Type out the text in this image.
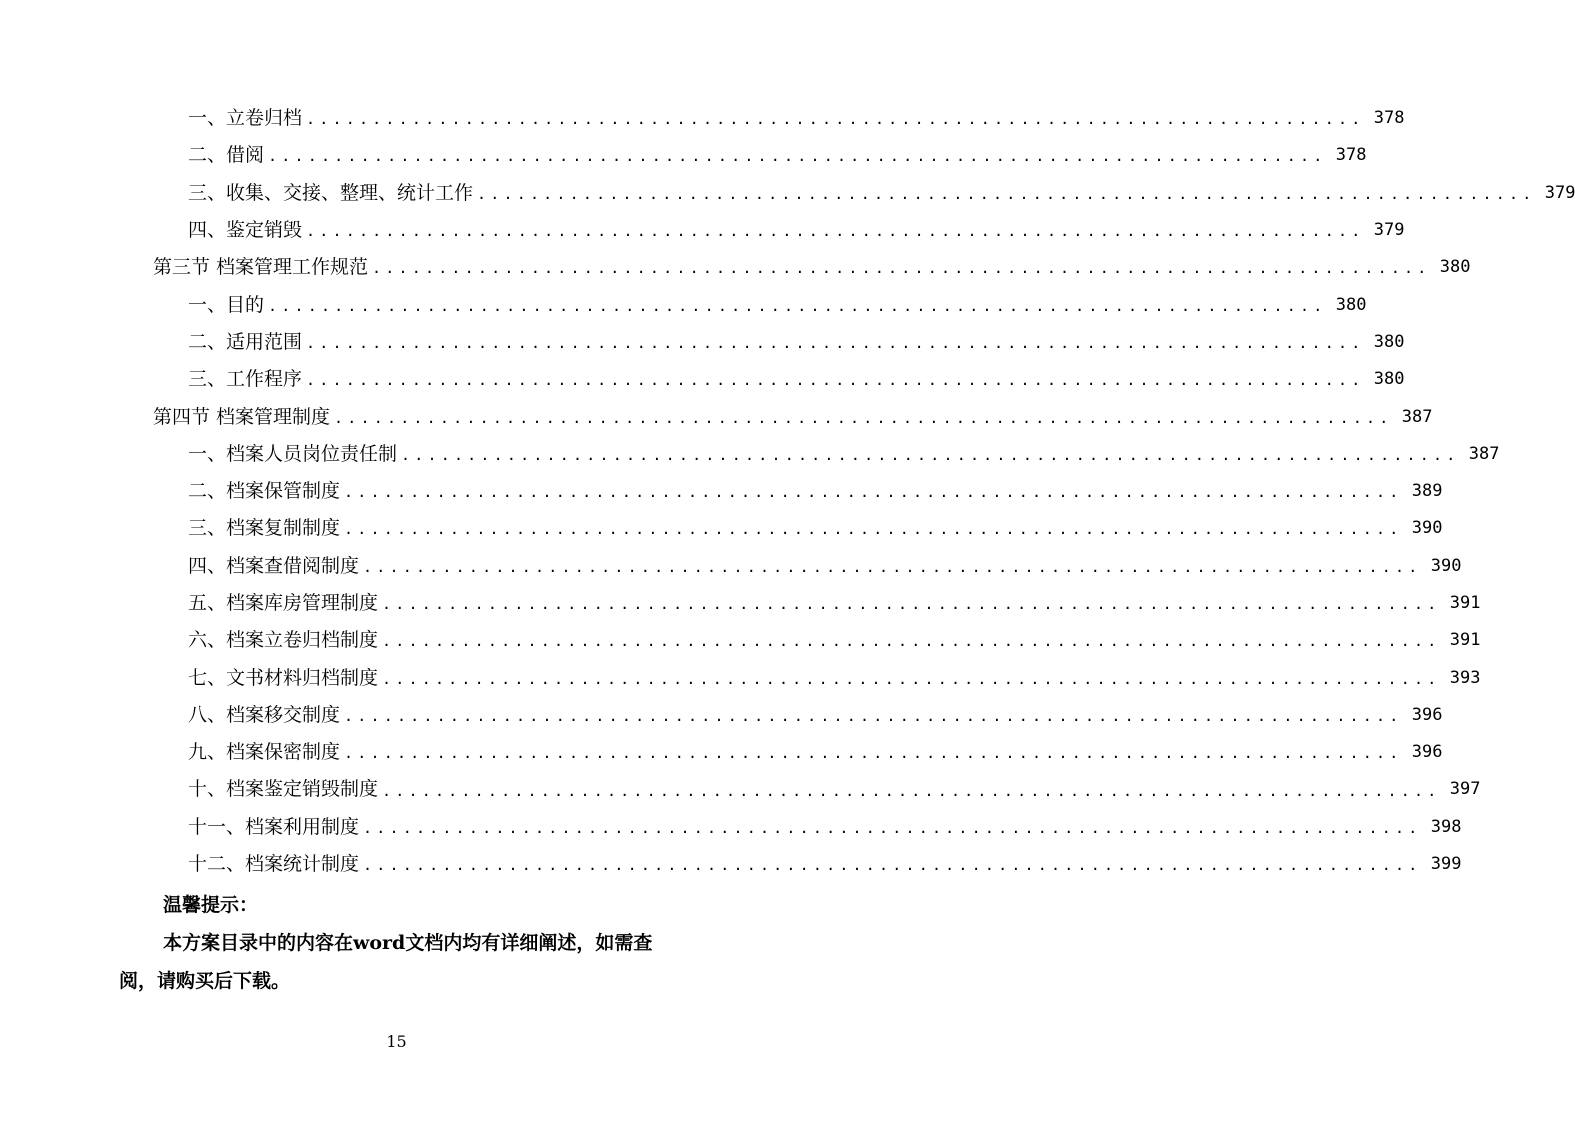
一、立卷归档 ................................................................................ 378
二、借阅 ................................................................................ 378
三、收集、交接、整理、统计工作 ................................................................................ 379
四、鉴定销毁 ................................................................................ 379
第三节 档案管理工作规范 ................................................................................ 380
一、目的 ................................................................................ 380
二、适用范围 ................................................................................ 380
三、工作程序 ................................................................................ 380
第四节 档案管理制度 ................................................................................ 387
一、档案人员岗位责任制 ................................................................................ 387
二、档案保管制度 ................................................................................ 389
三、档案复制制度 ................................................................................ 390
四、档案查借阅制度 ................................................................................ 390
五、档案库房管理制度 ................................................................................ 391
六、档案立卷归档制度 ................................................................................ 391
七、文书材料归档制度 ................................................................................ 393
八、档案移交制度 ................................................................................ 396
九、档案保密制度 ................................................................................ 396
十、档案鉴定销毁制度 ................................................................................ 397
十一、档案利用制度 ................................................................................ 398
十二、档案统计制度 ................................................................................ 399
温馨提示：
本方案目录中的内容在word文档内均有详细阐述，如需查阅，请购买后下载。
15
